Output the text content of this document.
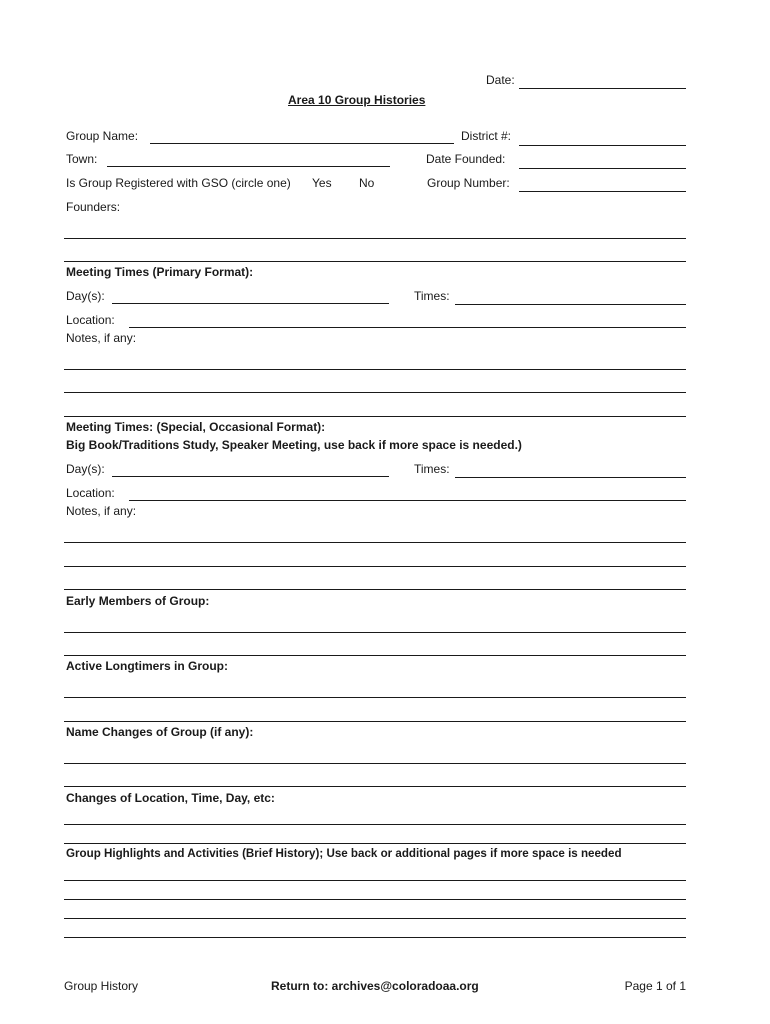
Date:
Area 10 Group Histories
Group Name:	District #:
Town:	Date Founded:
Is Group Registered with GSO (circle one) Yes No	Group Number:
Founders:
Meeting Times (Primary Format):
Day(s):	Times:
Location:
Notes, if any:
Meeting Times: (Special, Occasional Format):
Big Book/Traditions Study, Speaker Meeting, use back if more space is needed.)
Day(s):	Times:
Location:
Notes, if any:
Early Members of Group:
Active Longtimers in Group:
Name Changes of Group (if any):
Changes of Location, Time, Day, etc:
Group Highlights and Activities (Brief History); Use back or additional pages if more space is needed
Group History	Return to: archives@coloradoaa.org	Page 1 of 1
